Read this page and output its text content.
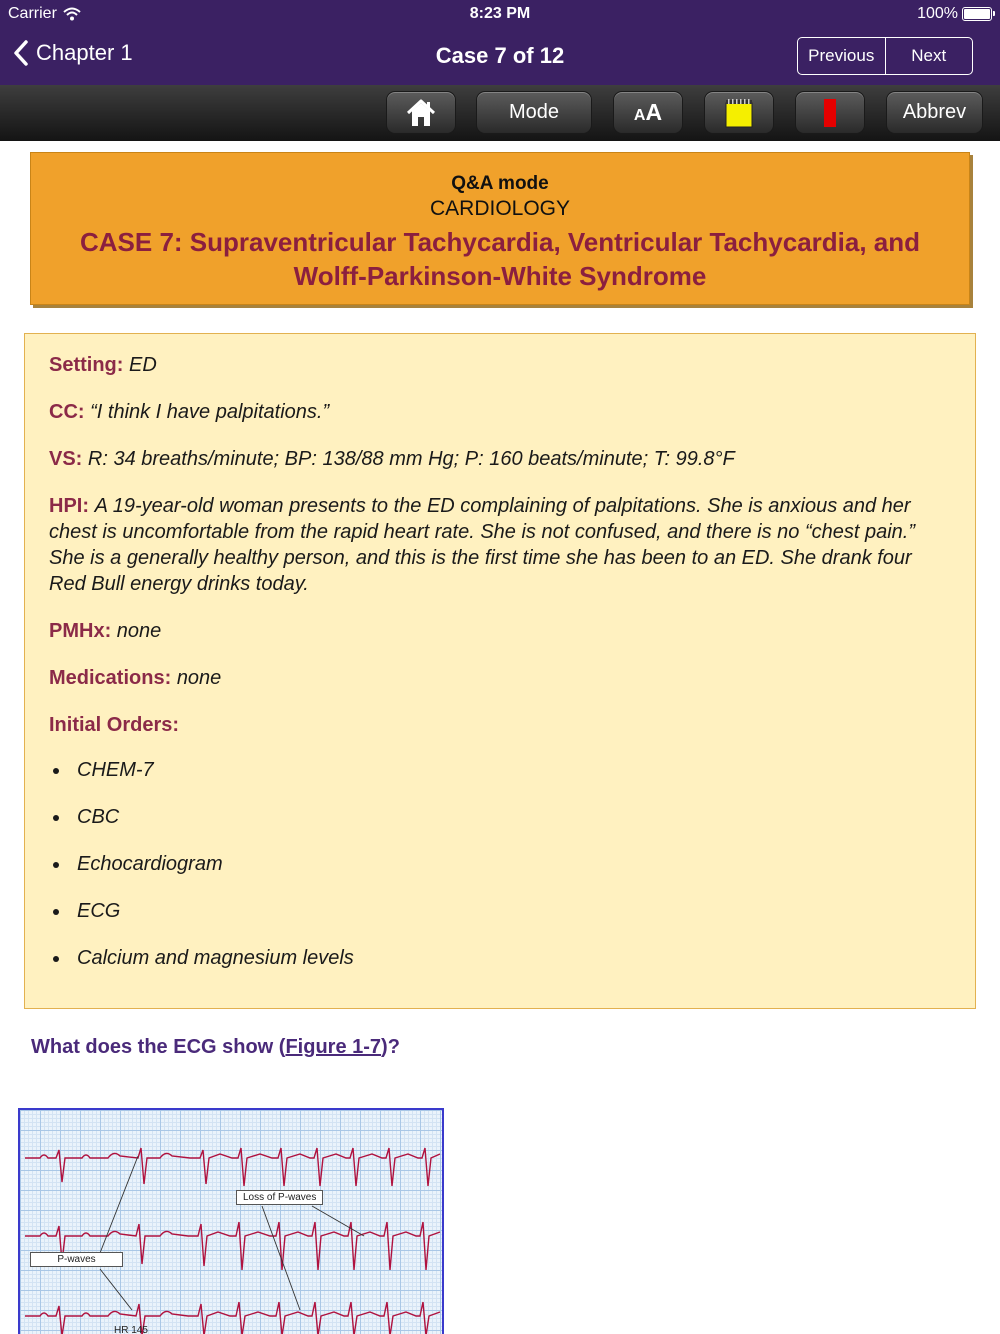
Carrier	8:23 PM	100%
Chapter 1	Case 7 of 12	Previous	Next
Mode	AA	Abbrev
Q&A mode
CARDIOLOGY
CASE 7: Supraventricular Tachycardia, Ventricular Tachycardia, and
Wolff-Parkinson-White Syndrome

Setting: ED

CC: “I think I have palpitations.”

VS: R: 34 breaths/minute; BP: 138/88 mm Hg; P: 160 beats/minute; T: 99.8°F

HPI: A 19-year-old woman presents to the ED complaining of palpitations. She is anxious and her chest is uncomfortable from the rapid heart rate. She is not confused, and there is no “chest pain.” She is a generally healthy person, and this is the first time she has been to an ED. She drank four Red Bull energy drinks today.

PMHx: none

Medications: none

Initial Orders:

CHEM-7
CBC
Echocardiogram
ECG
Calcium and magnesium levels
What does the ECG show (Figure 1-7)?
Loss of P-waves
P-waves
HR 145
